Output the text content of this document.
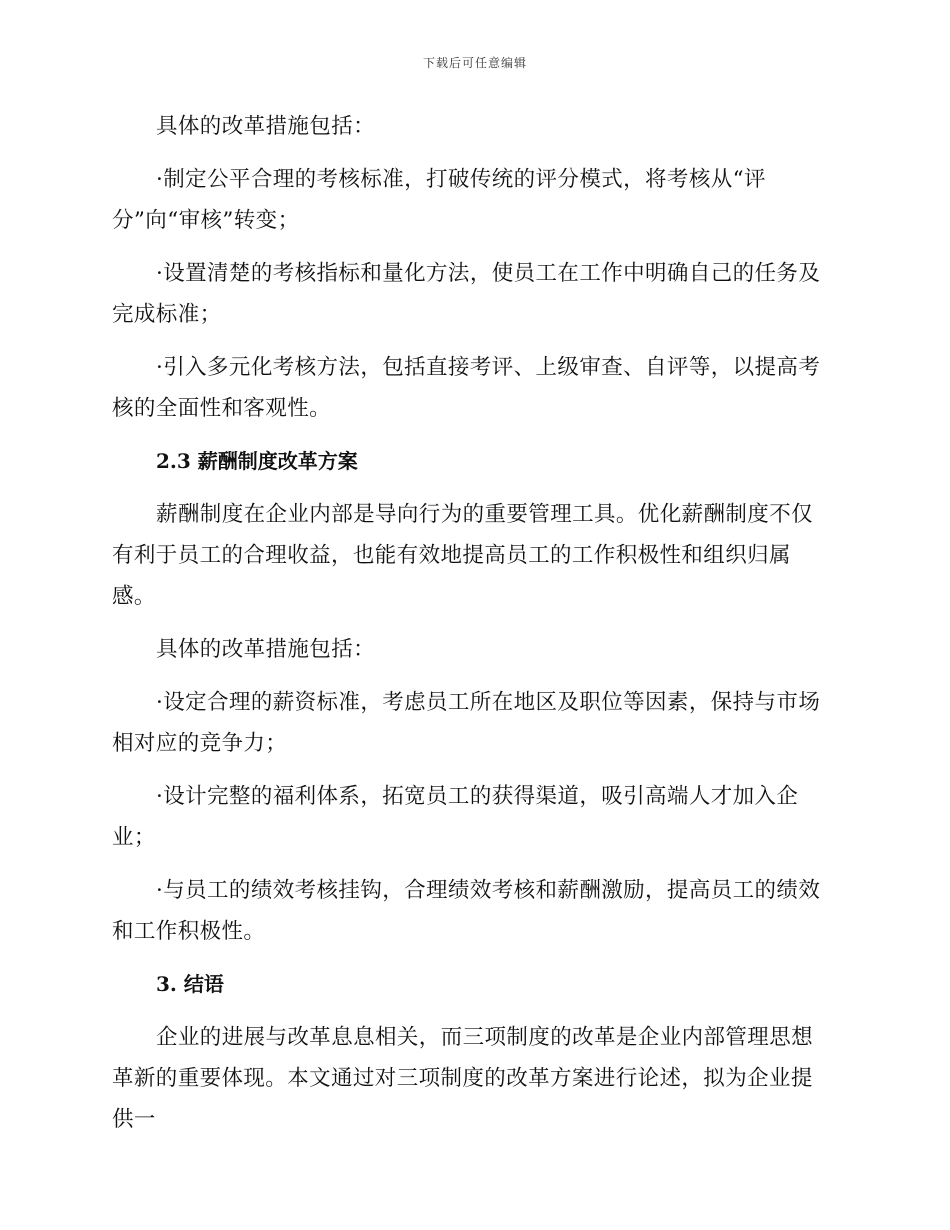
下载后可任意编辑

具体的改革措施包括：

·制定公平合理的考核标准，打破传统的评分模式，将考核从“评分”向“审核”转变；

·设置清楚的考核指标和量化方法，使员工在工作中明确自己的任务及完成标准；

·引入多元化考核方法，包括直接考评、上级审查、自评等，以提高考核的全面性和客观性。

2.3 薪酬制度改革方案

薪酬制度在企业内部是导向行为的重要管理工具。优化薪酬制度不仅有利于员工的合理收益，也能有效地提高员工的工作积极性和组织归属感。

具体的改革措施包括：

·设定合理的薪资标准，考虑员工所在地区及职位等因素，保持与市场相对应的竞争力；

·设计完整的福利体系，拓宽员工的获得渠道，吸引高端人才加入企业；

·与员工的绩效考核挂钩，合理绩效考核和薪酬激励，提高员工的绩效和工作积极性。

3. 结语

企业的进展与改革息息相关，而三项制度的改革是企业内部管理思想革新的重要体现。本文通过对三项制度的改革方案进行论述，拟为企业提供一
